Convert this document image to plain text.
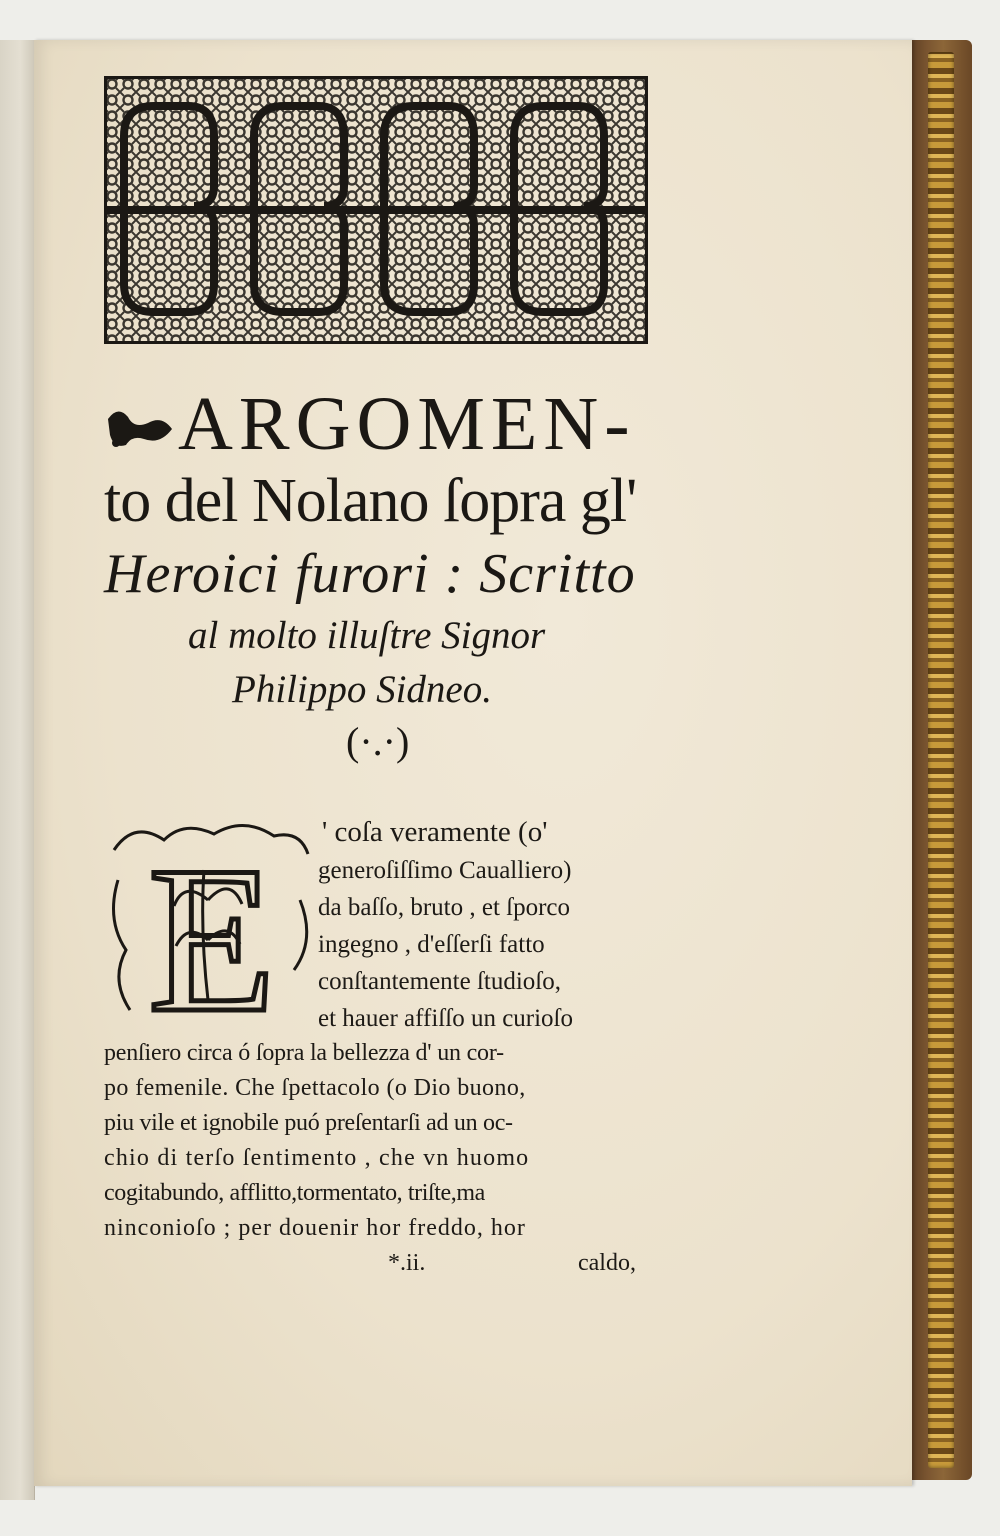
ARGOMEN-
to del Nolano ſopra gl'
Heroici furori : Scritto
al molto illuſtre Signor
Philippo Sidneo.
(·.·)
E ' coſa veramente (o'
generoſiſſimo Caualliero)
da baſſo, bruto , et ſporco
ingegno , d'eſſerſi fatto
conſtantemente ſtudioſo,
et hauer affiſſo un curioſo
penſiero circa ó ſopra la bellezza d' un cor-
po femenile. Che ſpettacolo (o Dio buono,
piu vile et ignobile puó preſentarſi ad un oc-
chio di terſo ſentimento , che vn huomo
cogitabundo, afflitto,tormentato, triſte,ma
ninconioſo ; per douenir hor freddo, hor
*.ii.	caldo,
